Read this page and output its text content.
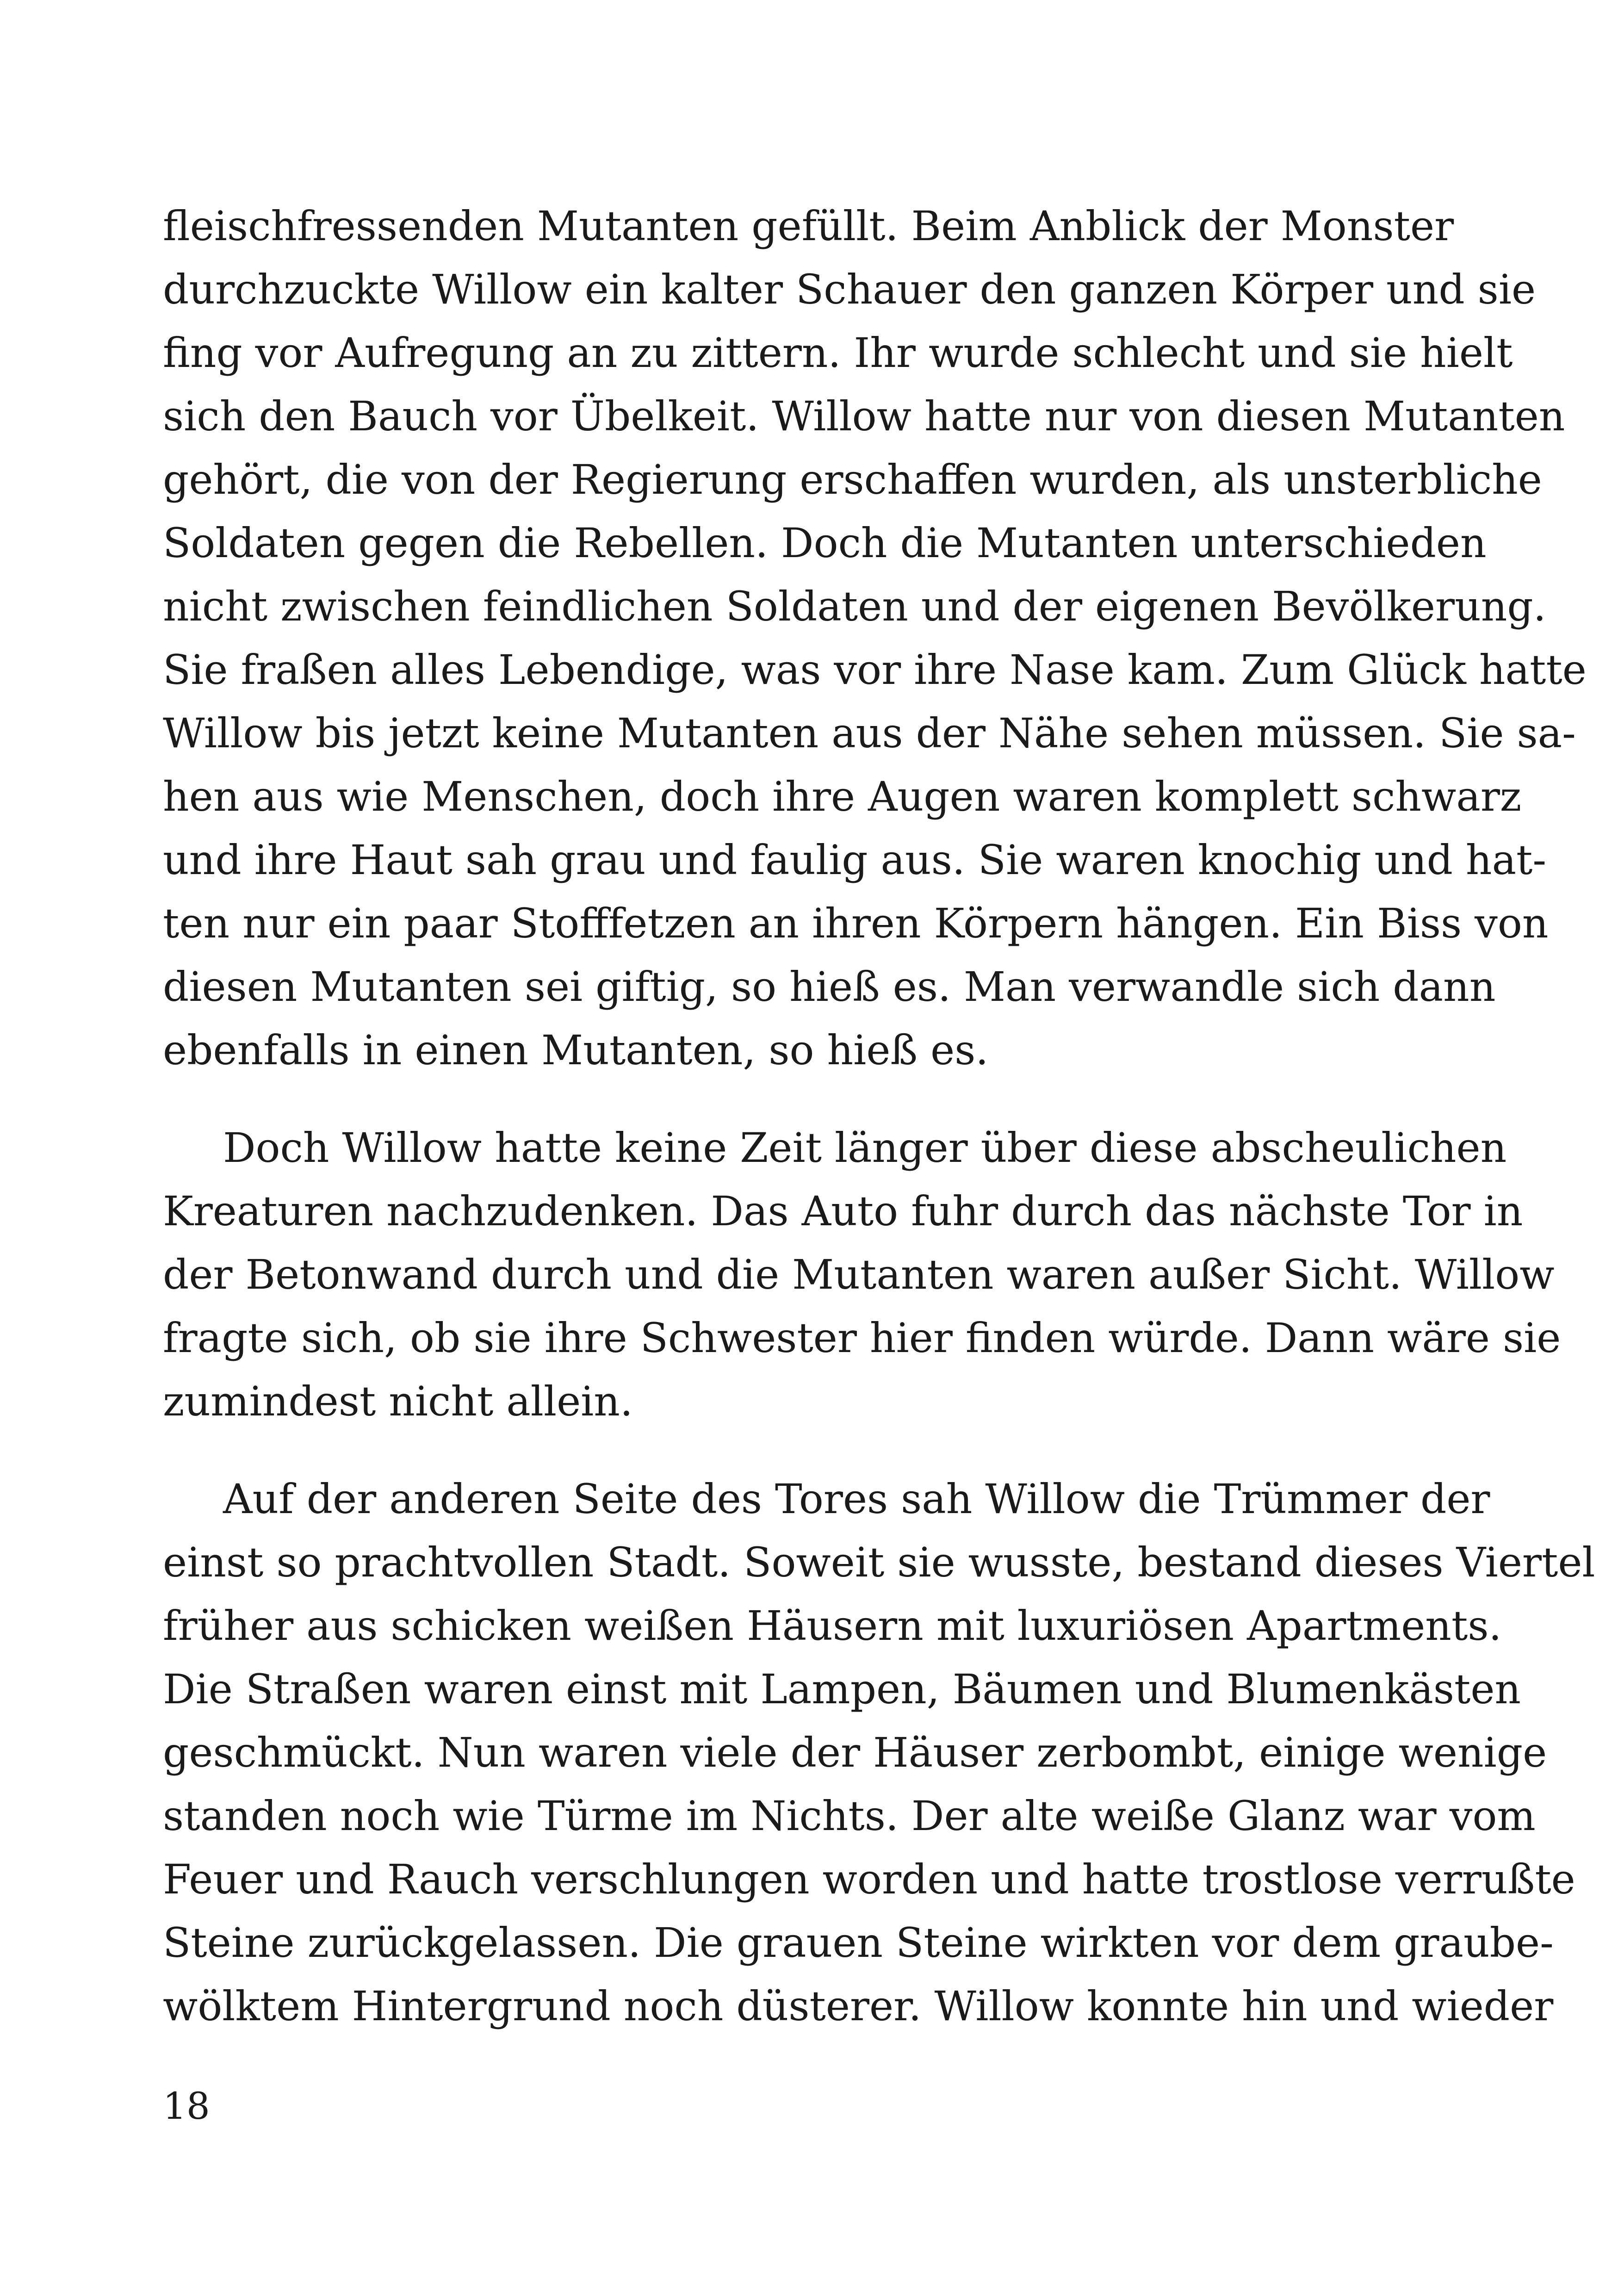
fleischfressenden Mutanten gefüllt. Beim Anblick der Monster
durchzuckte Willow ein kalter Schauer den ganzen Körper und sie
fing vor Aufregung an zu zittern. Ihr wurde schlecht und sie hielt
sich den Bauch vor Übelkeit. Willow hatte nur von diesen Mutanten
gehört, die von der Regierung erschaffen wurden, als unsterbliche
Soldaten gegen die Rebellen. Doch die Mutanten unterschieden
nicht zwischen feindlichen Soldaten und der eigenen Bevölkerung.
Sie fraßen alles Lebendige, was vor ihre Nase kam. Zum Glück hatte
Willow bis jetzt keine Mutanten aus der Nähe sehen müssen. Sie sa-
hen aus wie Menschen, doch ihre Augen waren komplett schwarz
und ihre Haut sah grau und faulig aus. Sie waren knochig und hat-
ten nur ein paar Stofffetzen an ihren Körpern hängen. Ein Biss von
diesen Mutanten sei giftig, so hieß es. Man verwandle sich dann
ebenfalls in einen Mutanten, so hieß es.
Doch Willow hatte keine Zeit länger über diese abscheulichen
Kreaturen nachzudenken. Das Auto fuhr durch das nächste Tor in
der Betonwand durch und die Mutanten waren außer Sicht. Willow
fragte sich, ob sie ihre Schwester hier finden würde. Dann wäre sie
zumindest nicht allein.
Auf der anderen Seite des Tores sah Willow die Trümmer der
einst so prachtvollen Stadt. Soweit sie wusste, bestand dieses Viertel
früher aus schicken weißen Häusern mit luxuriösen Apartments.
Die Straßen waren einst mit Lampen, Bäumen und Blumenkästen
geschmückt. Nun waren viele der Häuser zerbombt, einige wenige
standen noch wie Türme im Nichts. Der alte weiße Glanz war vom
Feuer und Rauch verschlungen worden und hatte trostlose verrußte
Steine zurückgelassen. Die grauen Steine wirkten vor dem graube-
wölktem Hintergrund noch düsterer. Willow konnte hin und wieder
18
